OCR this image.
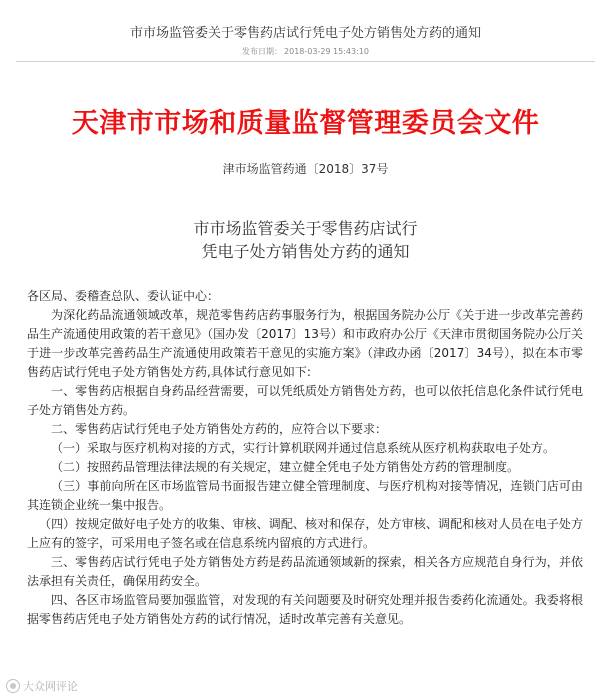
市市场监管委关于零售药店试行凭电子处方销售处方药的通知
发布日期： 2018-03-29 15:43:10
天津市市场和质量监督管理委员会文件
津市场监管药通〔2018〕37号
市市场监管委关于零售药店试行
凭电子处方销售处方药的通知

各区局、委稽查总队、委认证中心：

为深化药品流通领域改革，规范零售药店药事服务行为，根据国务院办公厅《关于进一步改革完善药品生产流通使用政策的若干意见》（国办发〔2017〕13号）和市政府办公厅《天津市贯彻国务院办公厅关于进一步改革完善药品生产流通使用政策若干意见的实施方案》（津政办函〔2017〕34号），拟在本市零售药店试行凭电子处方销售处方药,具体试行意见如下:

一、零售药店根据自身药品经营需要，可以凭纸质处方销售处方药，也可以依托信息化条件试行凭电子处方销售处方药。

二、零售药店试行凭电子处方销售处方药的，应符合以下要求：

（一）采取与医疗机构对接的方式，实行计算机联网并通过信息系统从医疗机构获取电子处方。

（二）按照药品管理法律法规的有关规定，建立健全凭电子处方销售处方药的管理制度。

（三）事前向所在区市场监管局书面报告建立健全管理制度、与医疗机构对接等情况，连锁门店可由其连锁企业统一集中报告。

（四）按规定做好电子处方的收集、审核、调配、核对和保存，处方审核、调配和核对人员在电子处方上应有的签字，可采用电子签名或在信息系统内留痕的方式进行。

三、零售药店试行凭电子处方销售处方药是药品流通领域新的探索，相关各方应规范自身行为，并依法承担有关责任，确保用药安全。

四、各区市场监管局要加强监管，对发现的有关问题要及时研究处理并报告委药化流通处。我委将根据零售药店凭电子处方销售处方药的试行情况，适时改革完善有关意见。

大众网评论
